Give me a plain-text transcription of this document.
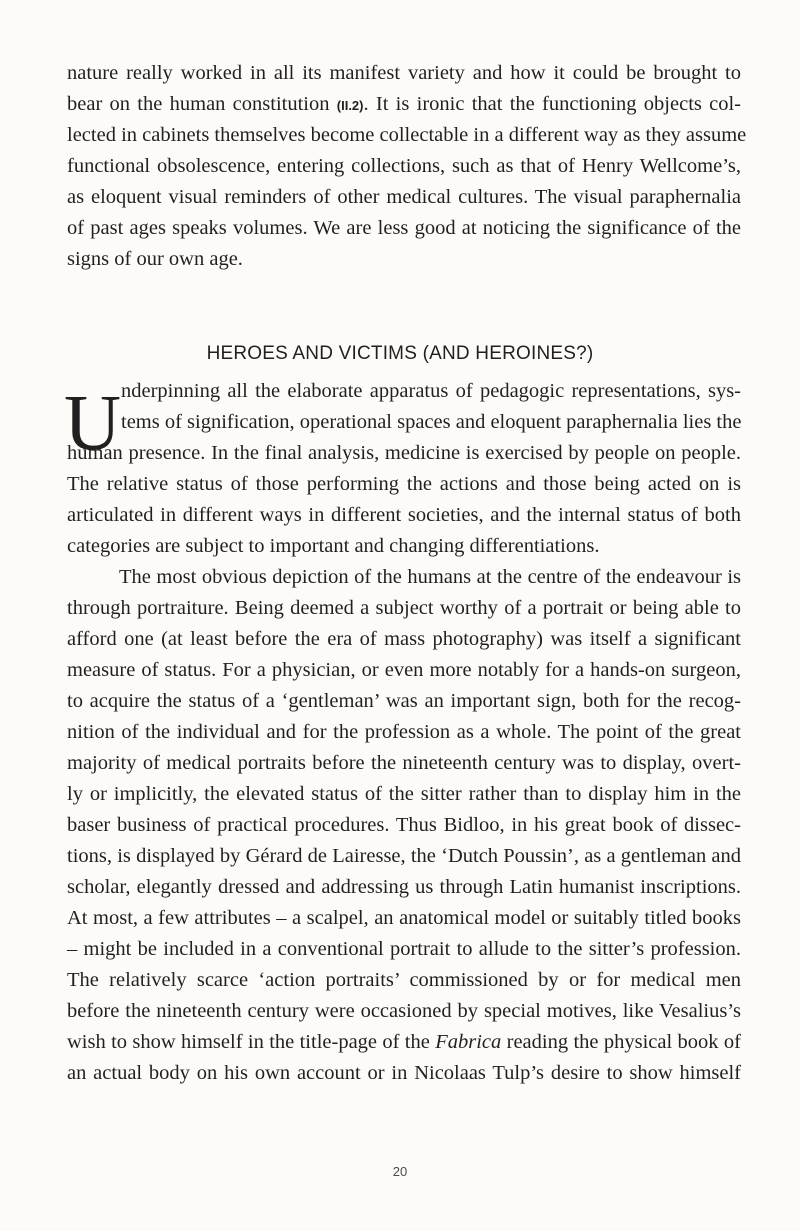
nature really worked in all its manifest variety and how it could be brought to
bear on the human constitution (II.2). It is ironic that the functioning objects col-
lected in cabinets themselves become collectable in a different way as they assume
functional obsolescence, entering collections, such as that of Henry Wellcome’s,
as eloquent visual reminders of other medical cultures. The visual paraphernalia
of past ages speaks volumes. We are less good at noticing the significance of the
signs of our own age.
HEROES AND VICTIMS (AND HEROINES?)
U nderpinning all the elaborate apparatus of pedagogic representations, sys-
tems of signification, operational spaces and eloquent paraphernalia lies the
human presence. In the final analysis, medicine is exercised by people on people.
The relative status of those performing the actions and those being acted on is
articulated in different ways in different societies, and the internal status of both
categories are subject to important and changing differentiations.
The most obvious depiction of the humans at the centre of the endeavour is
through portraiture. Being deemed a subject worthy of a portrait or being able to
afford one (at least before the era of mass photography) was itself a significant
measure of status. For a physician, or even more notably for a hands-on surgeon,
to acquire the status of a ‘gentleman’ was an important sign, both for the recog-
nition of the individual and for the profession as a whole. The point of the great
majority of medical portraits before the nineteenth century was to display, overt-
ly or implicitly, the elevated status of the sitter rather than to display him in the
baser business of practical procedures. Thus Bidloo, in his great book of dissec-
tions, is displayed by Gérard de Lairesse, the ‘Dutch Poussin’, as a gentleman and
scholar, elegantly dressed and addressing us through Latin humanist inscriptions.
At most, a few attributes – a scalpel, an anatomical model or suitably titled books
– might be included in a conventional portrait to allude to the sitter’s profession.
The relatively scarce ‘action portraits’ commissioned by or for medical men
before the nineteenth century were occasioned by special motives, like Vesalius’s
wish to show himself in the title-page of the Fabrica reading the physical book of
an actual body on his own account or in Nicolaas Tulp’s desire to show himself
20
